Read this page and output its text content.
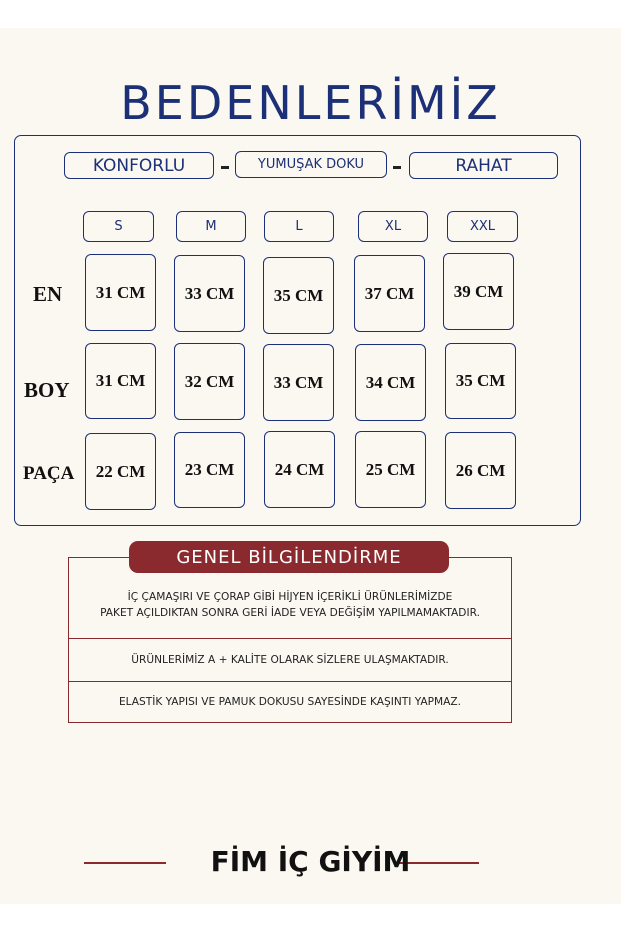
BEDENLERİMİZ
KONFORLU	YUMUŞAK DOKU	RAHAT
S	M	L	XL	XXL
EN	31 CM	33 CM	35 CM	37 CM	39 CM
BOY	31 CM	32 CM	33 CM	34 CM	35 CM
PAÇA	22 CM	23 CM	24 CM	25 CM	26 CM
İÇ ÇAMAŞIRI VE ÇORAP GİBİ HİJYEN İÇERİKLİ ÜRÜNLERİMİZDE
PAKET AÇILDIKTAN SONRA GERİ İADE VEYA DEĞİŞİM YAPILMAMAKTADIR.
ÜRÜNLERİMİZ A + KALİTE OLARAK SİZLERE ULAŞMAKTADIR.
ELASTİK YAPISI VE PAMUK DOKUSU SAYESİNDE KAŞINTI YAPMAZ.
GENEL BİLGİLENDİRME
FİM İÇ GİYİM
